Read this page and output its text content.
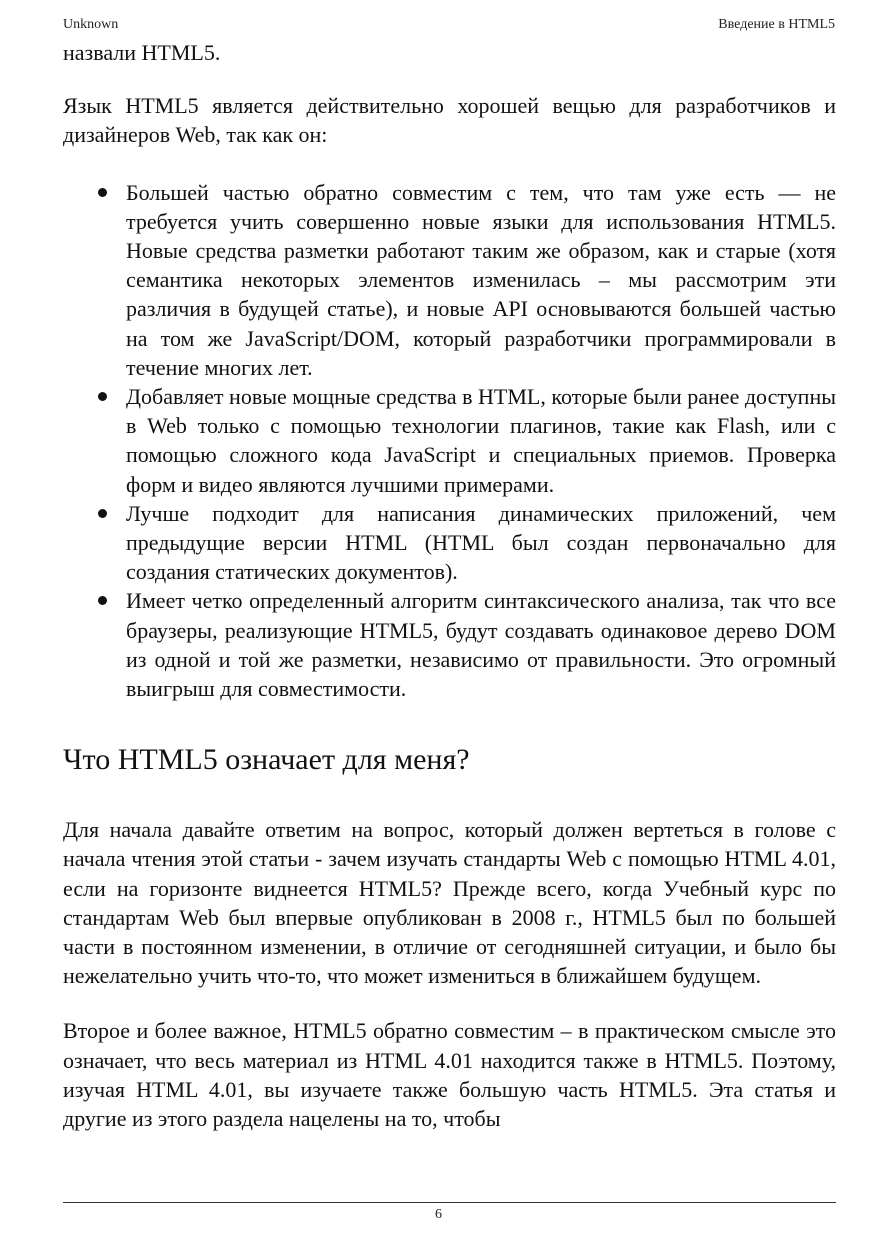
Unknown	Введение в HTML5

назвали HTML5.

Язык HTML5 является действительно хорошей вещью для разработчиков и дизайнеров Web, так как он:

Большей частью обратно совместим с тем, что там уже есть — не требуется учить совершенно новые языки для использования HTML5. Новые средства разметки работают таким же образом, как и старые (хотя семантика некоторых элементов изменилась – мы рассмотрим эти различия в будущей статье), и новые API основываются большей частью на том же JavaScript/DOM, который разработчики программировали в течение многих лет.
Добавляет новые мощные средства в HTML, которые были ранее доступны в Web только с помощью технологии плагинов, такие как Flash, или с помощью сложного кода JavaScript и специальных приемов. Проверка форм и видео являются лучшими примерами.
Лучше подходит для написания динамических приложений, чем предыдущие версии HTML (HTML был создан первоначально для создания статических документов).
Имеет четко определенный алгоритм синтаксического анализа, так что все браузеры, реализующие HTML5, будут создавать одинаковое дерево DOM из одной и той же разметки, независимо от правильности. Это огромный выигрыш для совместимости.
Что HTML5 означает для меня?

Для начала давайте ответим на вопрос, который должен вертеться в голове с начала чтения этой статьи - зачем изучать стандарты Web с помощью HTML 4.01, если на горизонте виднеется HTML5? Прежде всего, когда Учебный курс по стандартам Web был впервые опубликован в 2008 г., HTML5 был по большей части в постоянном изменении, в отличие от сегодняшней ситуации, и было бы нежелательно учить что-то, что может измениться в ближайшем будущем.

Второе и более важное, HTML5 обратно совместим – в практическом смысле это означает, что весь материал из HTML 4.01 находится также в HTML5. Поэтому, изучая HTML 4.01, вы изучаете также большую часть HTML5. Эта статья и другие из этого раздела нацелены на то, чтобы

6
